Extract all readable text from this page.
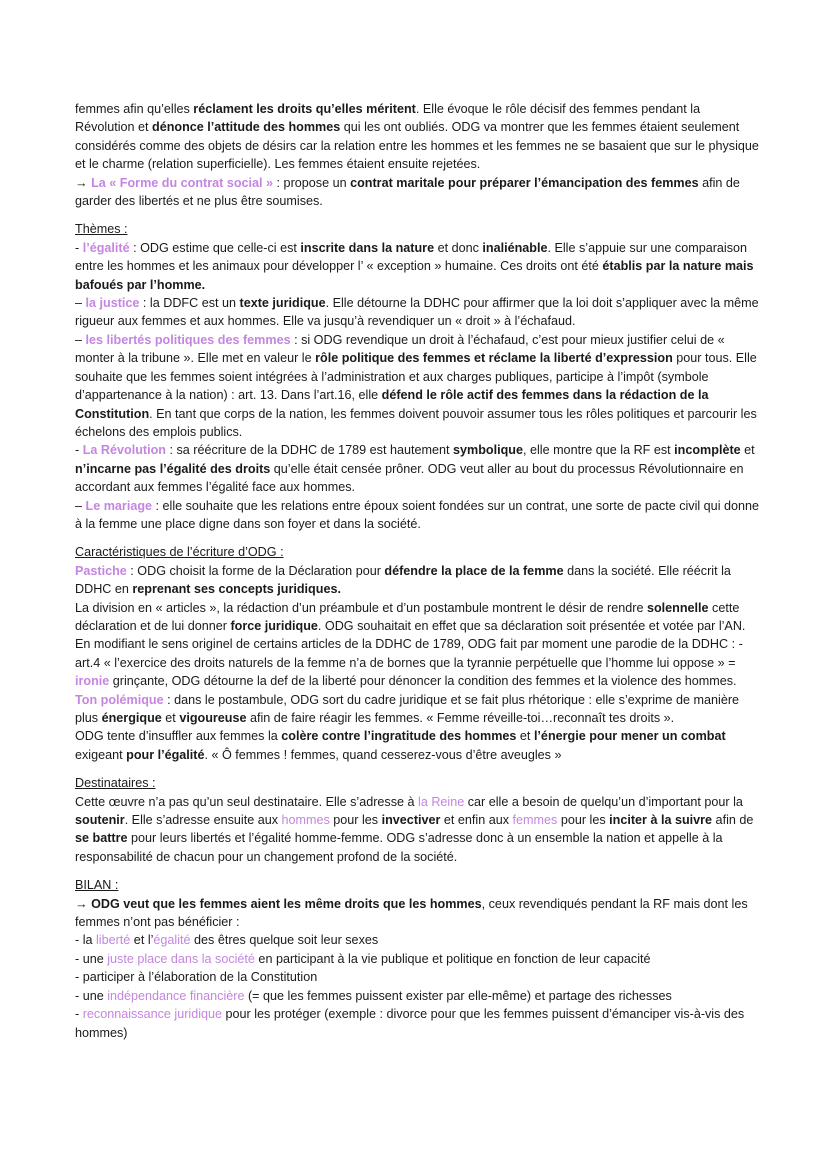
femmes afin qu’elles réclament les droits qu’elles méritent. Elle évoque le rôle décisif des femmes pendant la Révolution et dénonce l’attitude des hommes qui les ont oubliés. ODG va montrer que les femmes étaient seulement considérés comme des objets de désirs car la relation entre les hommes et les femmes ne se basaient que sur le physique et le charme (relation superficielle). Les femmes étaient ensuite rejetées.

→ La « Forme du contrat social » : propose un contrat maritale pour préparer l’émancipation des femmes afin de garder des libertés et ne plus être soumises.

Thèmes :

- l’égalité : ODG estime que celle-ci est inscrite dans la nature et donc inaliénable. Elle s’appuie sur une comparaison entre les hommes et les animaux pour développer l’ « exception » humaine. Ces droits ont été établis par la nature mais bafoués par l’homme.

– la justice : la DDFC est un texte juridique. Elle détourne la DDHC pour affirmer que la loi doit s’appliquer avec la même rigueur aux femmes et aux hommes. Elle va jusqu’à revendiquer un « droit » à l’échafaud.

– les libertés politiques des femmes : si ODG revendique un droit à l’échafaud, c’est pour mieux justifier celui de « monter à la tribune ». Elle met en valeur le rôle politique des femmes et réclame la liberté d’expression pour tous. Elle souhaite que les femmes soient intégrées à l’administration et aux charges publiques, participe à l’impôt (symbole d’appartenance à la nation) : art. 13. Dans l’art.16, elle défend le rôle actif des femmes dans la rédaction de la Constitution. En tant que corps de la nation, les femmes doivent pouvoir assumer tous les rôles politiques et parcourir les échelons des emplois publics.

- La Révolution : sa réécriture de la DDHC de 1789 est hautement symbolique, elle montre que la RF est incomplète et n’incarne pas l’égalité des droits qu’elle était censée prôner. ODG veut aller au bout du processus Révolutionnaire en accordant aux femmes l’égalité face aux hommes.

– Le mariage : elle souhaite que les relations entre époux soient fondées sur un contrat, une sorte de pacte civil qui donne à la femme une place digne dans son foyer et dans la société.

Caractéristiques de l’écriture d’ODG :

Pastiche : ODG choisit la forme de la Déclaration pour défendre la place de la femme dans la société. Elle réécrit la DDHC en reprenant ses concepts juridiques.

La division en « articles », la rédaction d’un préambule et d’un postambule montrent le désir de rendre solennelle cette déclaration et de lui donner force juridique. ODG souhaitait en effet que sa déclaration soit présentée et votée par l’AN.

En modifiant le sens originel de certains articles de la DDHC de 1789, ODG fait par moment une parodie de la DDHC : - art.4 « l’exercice des droits naturels de la femme n’a de bornes que la tyrannie perpétuelle que l’homme lui oppose » = ironie grinçante, ODG détourne la def de la liberté pour dénoncer la condition des femmes et la violence des hommes.

Ton polémique : dans le postambule, ODG sort du cadre juridique et se fait plus rhétorique : elle s’exprime de manière plus énergique et vigoureuse afin de faire réagir les femmes. « Femme réveille-toi…reconnaît tes droits ».

ODG tente d’insuffler aux femmes la colère contre l’ingratitude des hommes et l’énergie pour mener un combat exigeant pour l’égalité. « Ô femmes ! femmes, quand cesserez-vous d’être aveugles »

Destinataires :

Cette œuvre n’a pas qu’un seul destinataire. Elle s’adresse à la Reine car elle a besoin de quelqu’un d’important pour la soutenir. Elle s’adresse ensuite aux hommes pour les invectiver et enfin aux femmes pour les inciter à la suivre afin de se battre pour leurs libertés et l’égalité homme-femme. ODG s’adresse donc à un ensemble la nation et appelle à la responsabilité de chacun pour un changement profond de la société.

BILAN :

→ ODG veut que les femmes aient les même droits que les hommes, ceux revendiqués pendant la RF mais dont les femmes n’ont pas bénéficier :

- la liberté et l’égalité des êtres quelque soit leur sexes

- une juste place dans la société en participant à la vie publique et politique en fonction de leur capacité

- participer à l’élaboration de la Constitution

- une indépendance financière (= que les femmes puissent exister par elle-même) et partage des richesses

- reconnaissance juridique pour les protéger (exemple : divorce pour que les femmes puissent d’émanciper vis-à-vis des hommes)
